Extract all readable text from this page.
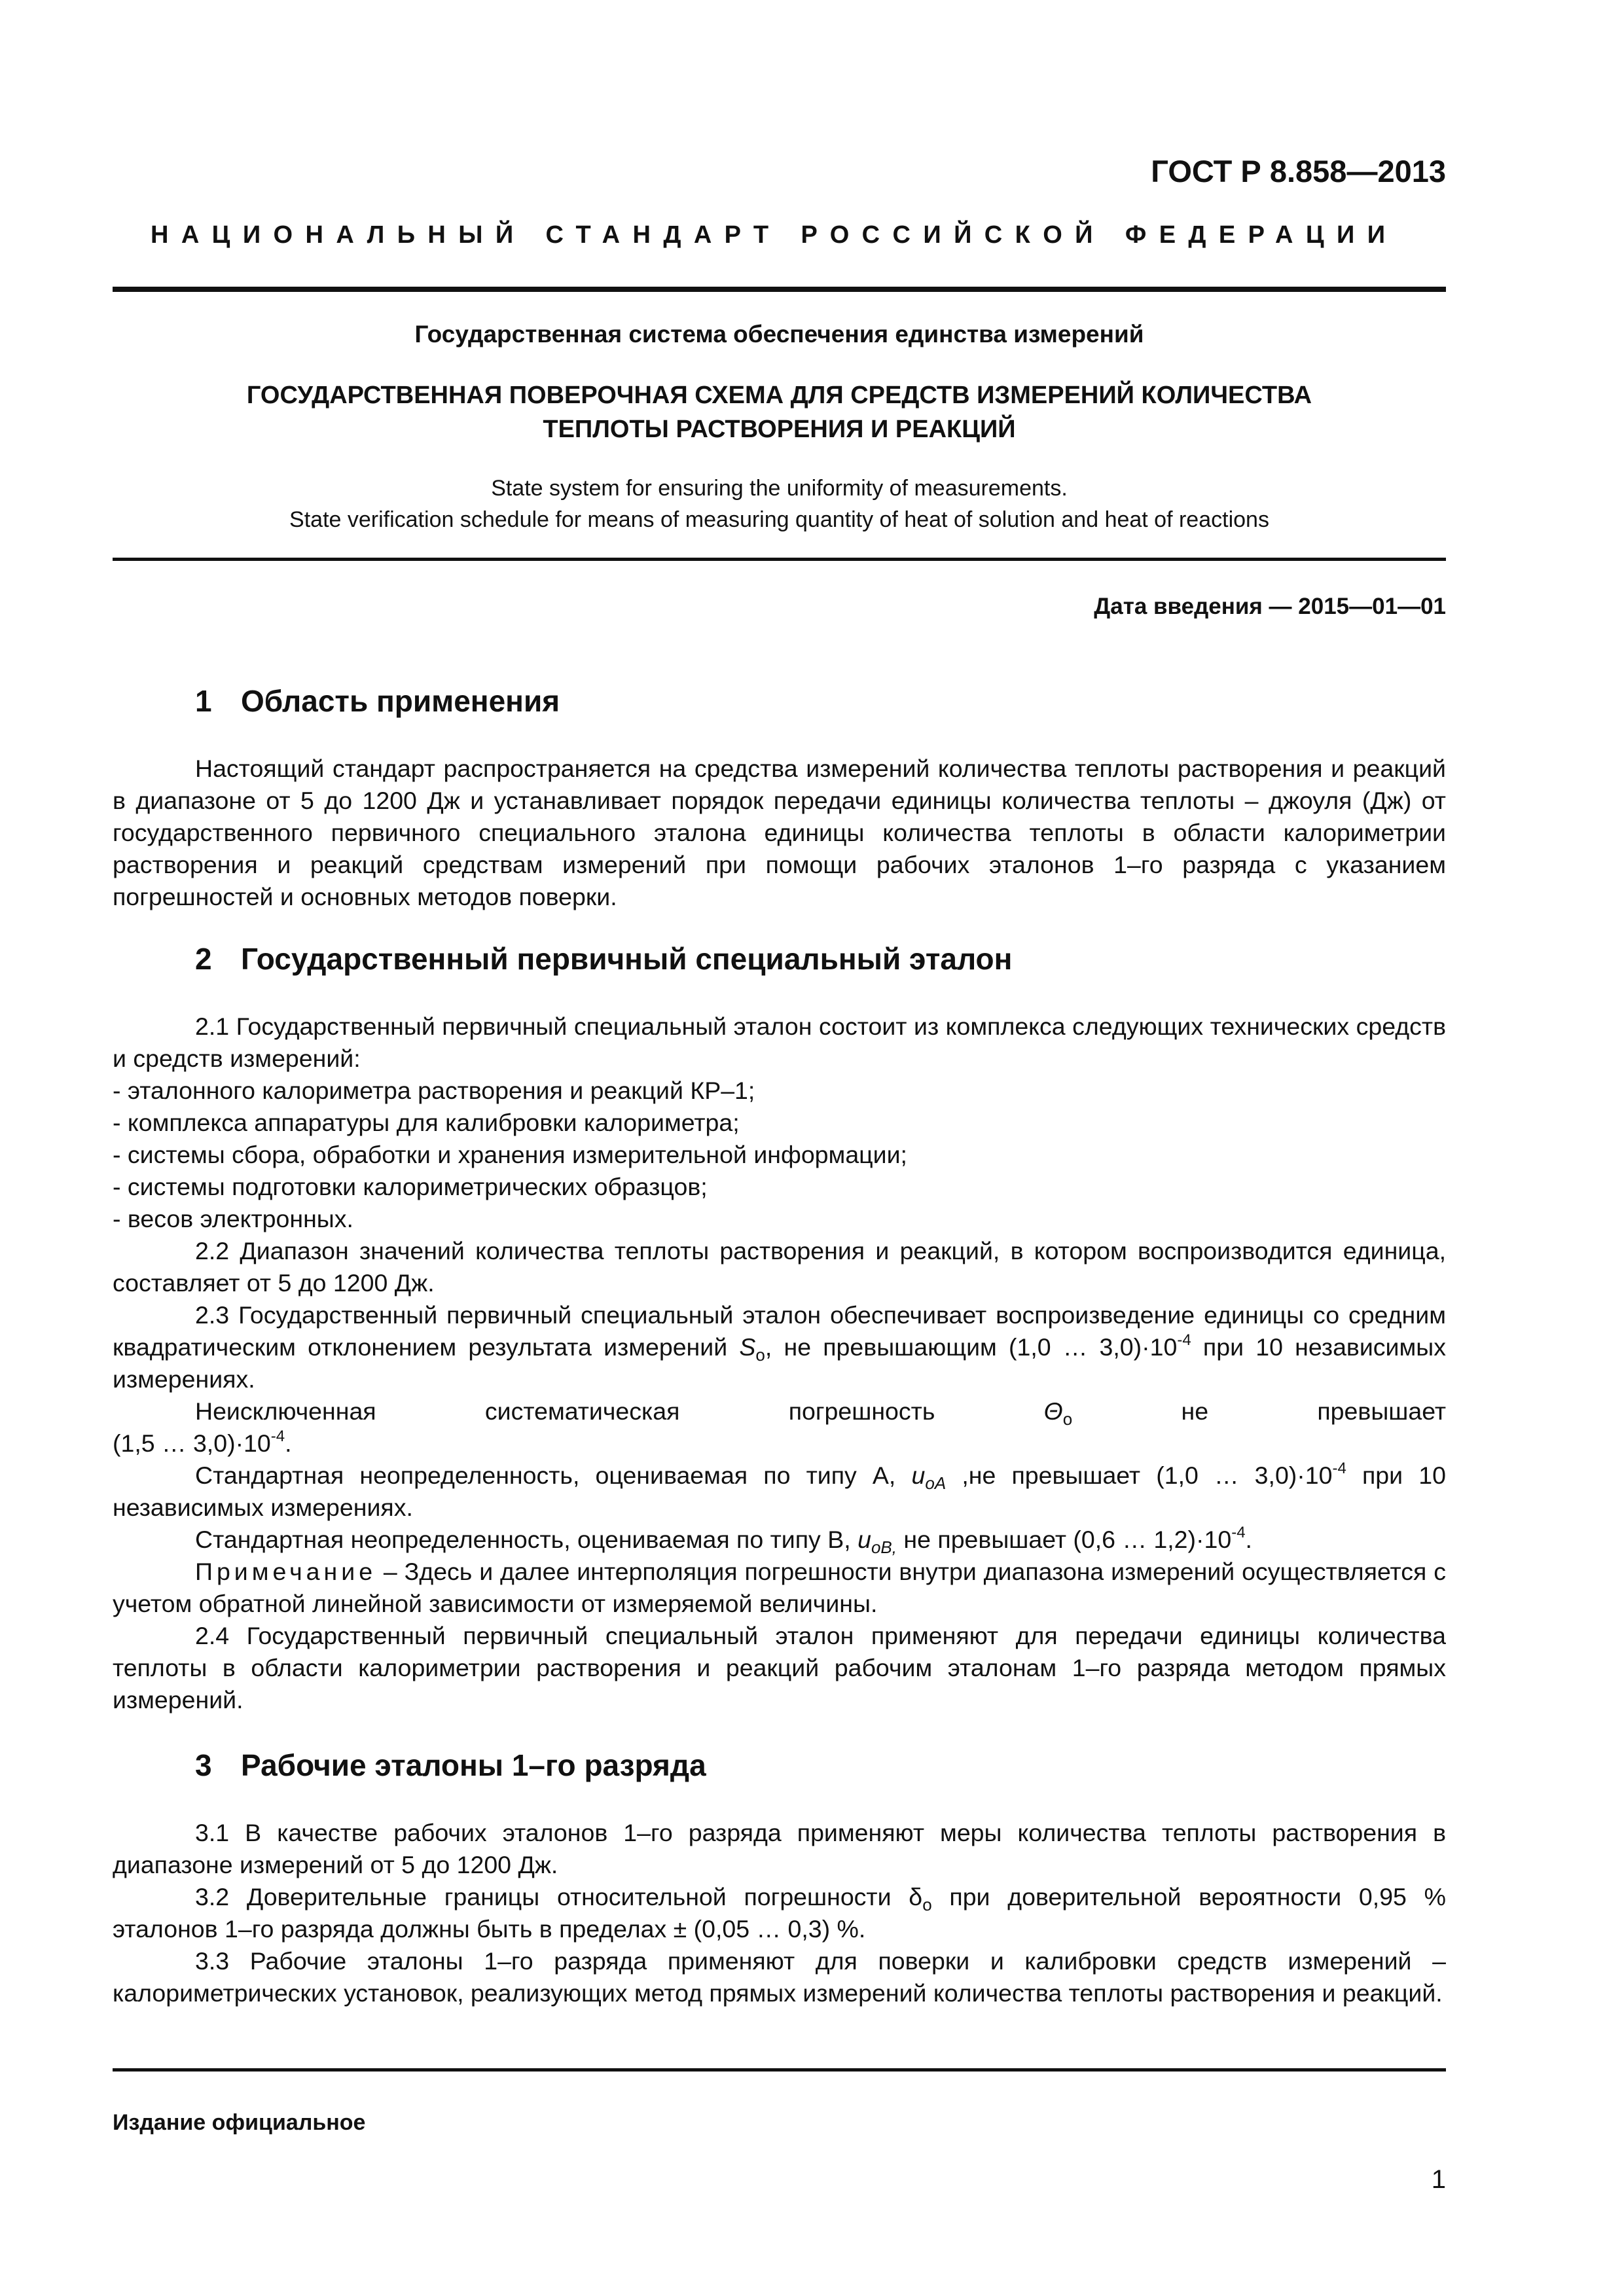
ГОСТ Р 8.858—2013
НАЦИОНАЛЬНЫЙ СТАНДАРТ РОССИЙСКОЙ ФЕДЕРАЦИИ
Государственная система обеспечения единства измерений
ГОСУДАРСТВЕННАЯ ПОВЕРОЧНАЯ СХЕМА ДЛЯ СРЕДСТВ ИЗМЕРЕНИЙ КОЛИЧЕСТВА
ТЕПЛОТЫ РАСТВОРЕНИЯ И РЕАКЦИЙ
State system for ensuring the uniformity of measurements.
State verification schedule for means of measuring quantity of heat of solution and heat of reactions
Дата введения — 2015—01—01
1 Область применения

Настоящий стандарт распространяется на средства измерений количества теплоты растворения и реакций в диапазоне от 5 до 1200 Дж и устанавливает порядок передачи единицы количества теплоты – джоуля (Дж) от государственного первичного специального эталона единицы количества теплоты в области калориметрии растворения и реакций средствам измерений при помощи рабочих эталонов 1–го разряда с указанием погрешностей и основных методов поверки.

2 Государственный первичный специальный эталон

2.1 Государственный первичный специальный эталон состоит из комплекса следующих технических средств и средств измерений:

- эталонного калориметра растворения и реакций КР–1;

- комплекса аппаратуры для калибровки калориметра;

- системы сбора, обработки и хранения измерительной информации;

- системы подготовки калориметрических образцов;

- весов электронных.

2.2 Диапазон значений количества теплоты растворения и реакций, в котором воспроизводится единица, составляет от 5 до 1200 Дж.

2.3 Государственный первичный специальный эталон обеспечивает воспроизведение единицы со средним квадратическим отклонением результата измерений $S_о$, не превышающим (1,0 … $3,0)\cdot 10^{-4}$ при 10 независимых измерениях.

Неисключенная	систематическая	погрешность	$\Theta_о$	не	превышает

(1,5 … $3,0)\cdot 10^{-4}$.

Стандартная неопределенность, оцениваемая по типу А, $u_{оА}$ ,не превышает (1,0 … $3,0)\cdot 10^{-4}$ при 10 независимых измерениях.

Стандартная неопределенность, оцениваемая по типу В, $u_{оВ,}$ не превышает (0,6 … $1,2)\cdot 10^{-4}$.

Примечание – Здесь и далее интерполяция погрешности внутри диапазона измерений осуществляется с учетом обратной линейной зависимости от измеряемой величины.

2.4 Государственный первичный специальный эталон применяют для передачи единицы количества теплоты в области калориметрии растворения и реакций рабочим эталонам 1–го разряда методом прямых измерений.

3 Рабочие эталоны 1–го разряда

3.1 В качестве рабочих эталонов 1–го разряда применяют меры количества теплоты растворения в диапазоне измерений от 5 до 1200 Дж.

3.2 Доверительные границы относительной погрешности $\delta_о$ при доверительной вероятности 0,95 % эталонов 1–го разряда должны быть в пределах ± (0,05 … 0,3) %.

3.3 Рабочие эталоны 1–го разряда применяют для поверки и калибровки средств измерений – калориметрических установок, реализующих метод прямых измерений количества теплоты растворения и реакций.

Издание официальное
1
